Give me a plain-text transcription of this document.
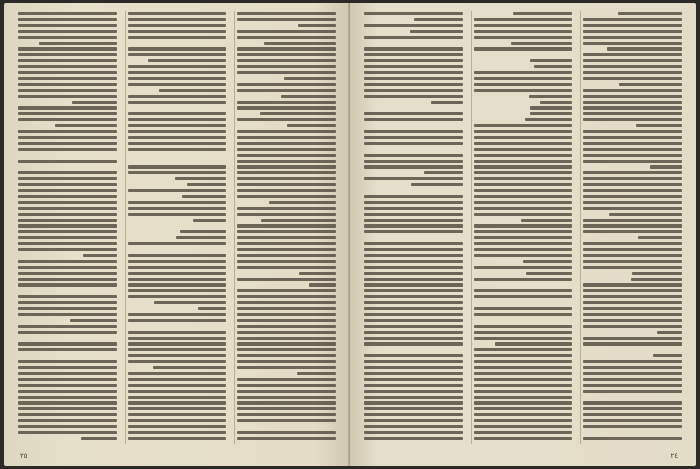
٢٥	٢٤
